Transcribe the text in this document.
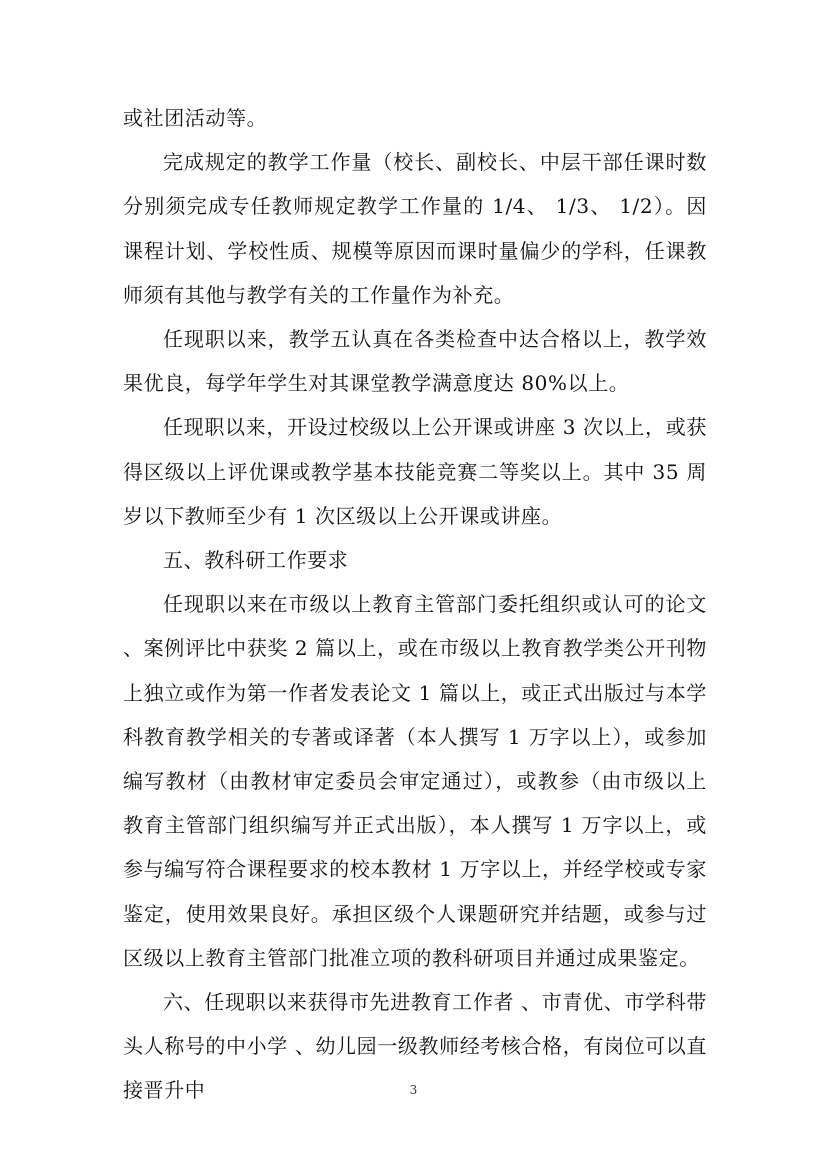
或社团活动等。

完成规定的教学工作量（校长、副校长、中层干部任课时数分别须完成专任教师规定教学工作量的 1/4、 1/3、 1/2）。因课程计划、学校性质、规模等原因而课时量偏少的学科，任课教师须有其他与教学有关的工作量作为补充。

任现职以来，教学五认真在各类检查中达合格以上，教学效果优良，每学年学生对其课堂教学满意度达 80%以上。

任现职以来，开设过校级以上公开课或讲座 3 次以上，或获得区级以上评优课或教学基本技能竞赛二等奖以上。其中 35 周岁以下教师至少有 1 次区级以上公开课或讲座。

五、教科研工作要求

任现职以来在市级以上教育主管部门委托组织或认可的论文 、案例评比中获奖 2 篇以上，或在市级以上教育教学类公开刊物上独立或作为第一作者发表论文 1 篇以上，或正式出版过与本学科教育教学相关的专著或译著（本人撰写 1 万字以上），或参加编写教材（由教材审定委员会审定通过），或教参（由市级以上教育主管部门组织编写并正式出版），本人撰写 1 万字以上，或参与编写符合课程要求的校本教材 1 万字以上，并经学校或专家鉴定，使用效果良好。承担区级个人课题研究并结题，或参与过区级以上教育主管部门批准立项的教科研项目并通过成果鉴定。

六、任现职以来获得市先进教育工作者 、市青优、市学科带头人称号的中小学 、幼儿园一级教师经考核合格，有岗位可以直接晋升中	3
